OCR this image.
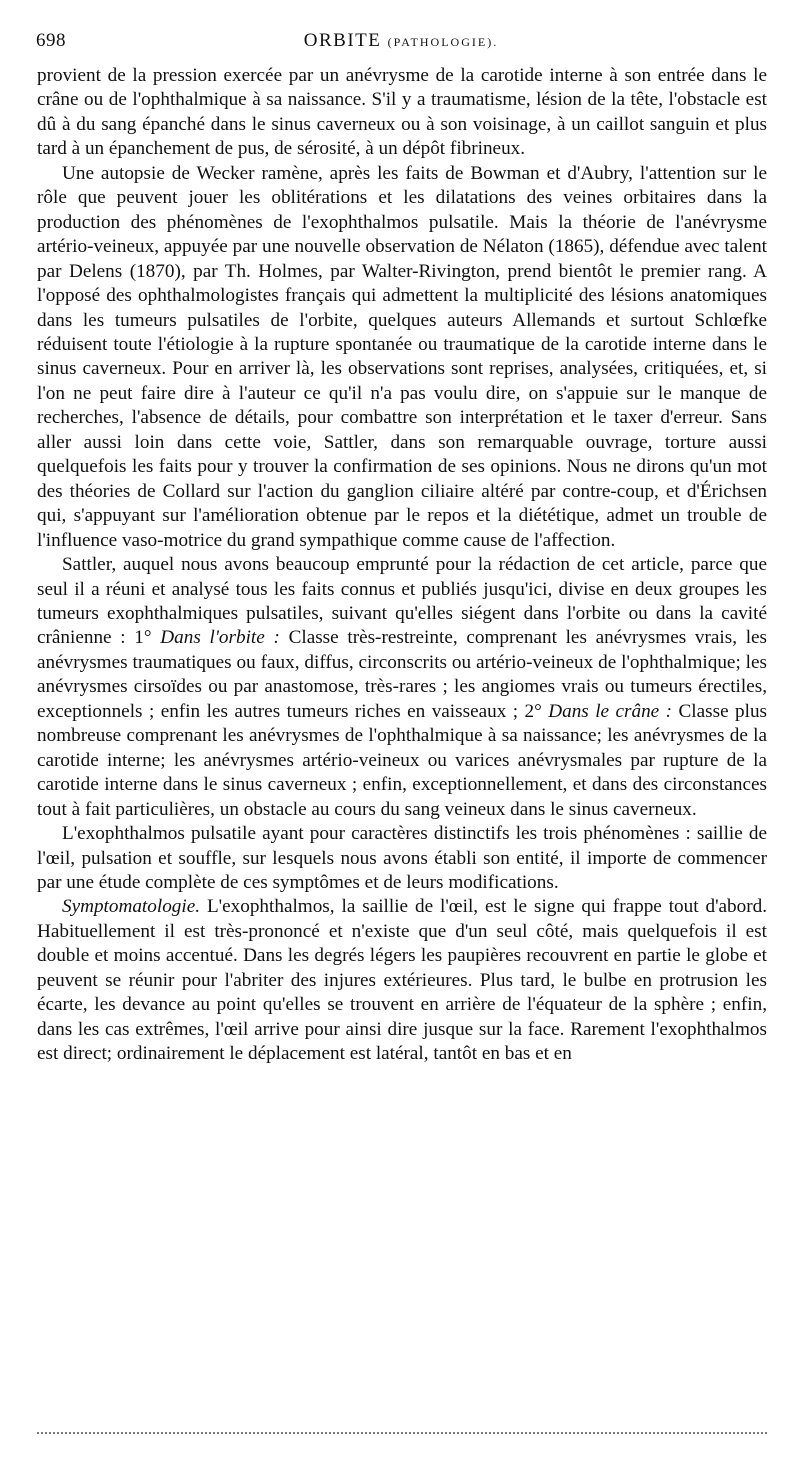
698	ORBITE (PATHOLOGIE).

provient de la pression exercée par un anévrysme de la carotide interne à son entrée dans le crâne ou de l'ophthalmique à sa naissance. S'il y a traumatisme, lésion de la tête, l'obstacle est dû à du sang épanché dans le sinus caverneux ou à son voisinage, à un caillot sanguin et plus tard à un épanchement de pus, de sérosité, à un dépôt fibrineux.

Une autopsie de Wecker ramène, après les faits de Bowman et d'Aubry, l'attention sur le rôle que peuvent jouer les oblitérations et les dilatations des veines orbitaires dans la production des phénomènes de l'exophthalmos pulsatile. Mais la théorie de l'anévrysme artério-veineux, appuyée par une nouvelle observation de Nélaton (1865), défendue avec talent par Delens (1870), par Th. Holmes, par Walter-Rivington, prend bientôt le premier rang. A l'opposé des ophthalmologistes français qui admettent la multiplicité des lésions anatomiques dans les tumeurs pulsatiles de l'orbite, quelques auteurs Allemands et surtout Schlœfke réduisent toute l'étiologie à la rupture spontanée ou traumatique de la carotide interne dans le sinus caverneux. Pour en arriver là, les observations sont reprises, analysées, critiquées, et, si l'on ne peut faire dire à l'auteur ce qu'il n'a pas voulu dire, on s'appuie sur le manque de recherches, l'absence de détails, pour combattre son interprétation et le taxer d'erreur. Sans aller aussi loin dans cette voie, Sattler, dans son remarquable ouvrage, torture aussi quelquefois les faits pour y trouver la confirmation de ses opinions. Nous ne dirons qu'un mot des théories de Collard sur l'action du ganglion ciliaire altéré par contre-coup, et d'Érichsen qui, s'appuyant sur l'amélioration obtenue par le repos et la diététique, admet un trouble de l'influence vaso-motrice du grand sympathique comme cause de l'affection.

Sattler, auquel nous avons beaucoup emprunté pour la rédaction de cet article, parce que seul il a réuni et analysé tous les faits connus et publiés jusqu'ici, divise en deux groupes les tumeurs exophthalmiques pulsatiles, suivant qu'elles siégent dans l'orbite ou dans la cavité crânienne : 1° Dans l'orbite : Classe très-restreinte, comprenant les anévrysmes vrais, les anévrysmes traumatiques ou faux, diffus, circonscrits ou artério-veineux de l'ophthalmique; les anévrysmes cirsoïdes ou par anastomose, très-rares ; les angiomes vrais ou tumeurs érectiles, exceptionnels ; enfin les autres tumeurs riches en vaisseaux ; 2° Dans le crâne : Classe plus nombreuse comprenant les anévrysmes de l'ophthalmique à sa naissance; les anévrysmes de la carotide interne; les anévrysmes artério-veineux ou varices anévrysmales par rupture de la carotide interne dans le sinus caverneux ; enfin, exceptionnellement, et dans des circonstances tout à fait particulières, un obstacle au cours du sang veineux dans le sinus caverneux.

L'exophthalmos pulsatile ayant pour caractères distinctifs les trois phénomènes : saillie de l'œil, pulsation et souffle, sur lesquels nous avons établi son entité, il importe de commencer par une étude complète de ces symptômes et de leurs modifications.

Symptomatologie. L'exophthalmos, la saillie de l'œil, est le signe qui frappe tout d'abord. Habituellement il est très-prononcé et n'existe que d'un seul côté, mais quelquefois il est double et moins accentué. Dans les degrés légers les paupières recouvrent en partie le globe et peuvent se réunir pour l'abriter des injures extérieures. Plus tard, le bulbe en protrusion les écarte, les devance au point qu'elles se trouvent en arrière de l'équateur de la sphère ; enfin, dans les cas extrêmes, l'œil arrive pour ainsi dire jusque sur la face. Rarement l'exophthalmos est direct; ordinairement le déplacement est latéral, tantôt en bas et en
